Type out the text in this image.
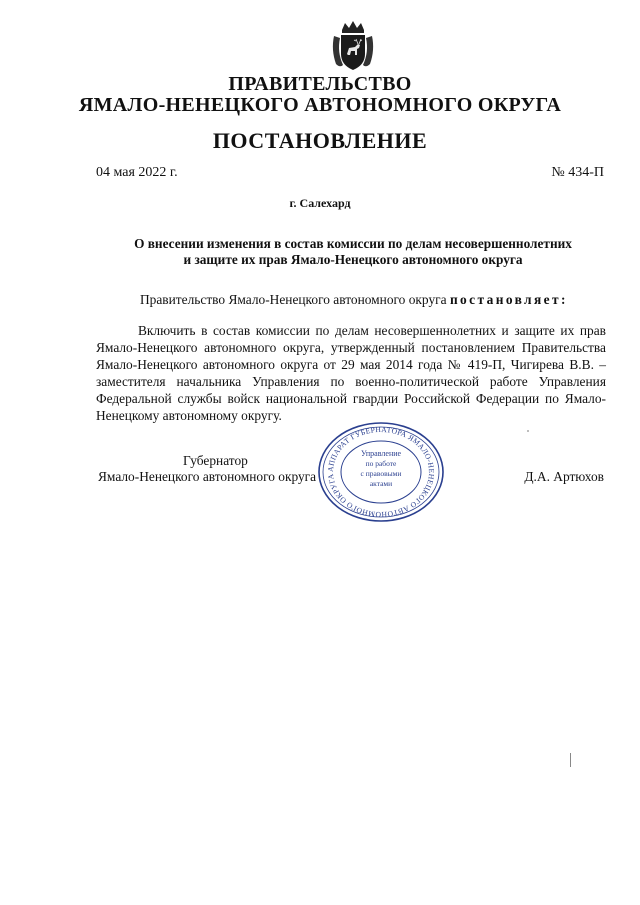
ПРАВИТЕЛЬСТВО
ЯМАЛО-НЕНЕЦКОГО АВТОНОМНОГО ОКРУГА
ПОСТАНОВЛЕНИЕ
04 мая 2022 г.	№ 434-П
г. Салехард
О внесении изменения в состав комиссии по делам несовершеннолетних
и защите их прав Ямало-Ненецкого автономного округа
Правительство Ямало-Ненецкого автономного округа постановляет:
Включить в состав комиссии по делам несовершеннолетних и защите их прав Ямало-Ненецкого автономного округа, утвержденный постановлением Правительства Ямало-Ненецкого автономного округа от 29 мая 2014 года № 419-П, Чигирева В.В. – заместителя начальника Управления по военно-политической работе Управления Федеральной службы войск национальной гвардии Российской Федерации по Ямало-Ненецкому автономному округу.
Губернатор
Ямало-Ненецкого автономного округа	Д.А. Артюхов
АППАРАТ ГУБЕРНАТОРА ЯМАЛО-НЕНЕЦКОГО АВТОНОМНОГО ОКРУГА
Управление
по работе
с правовыми
актами
